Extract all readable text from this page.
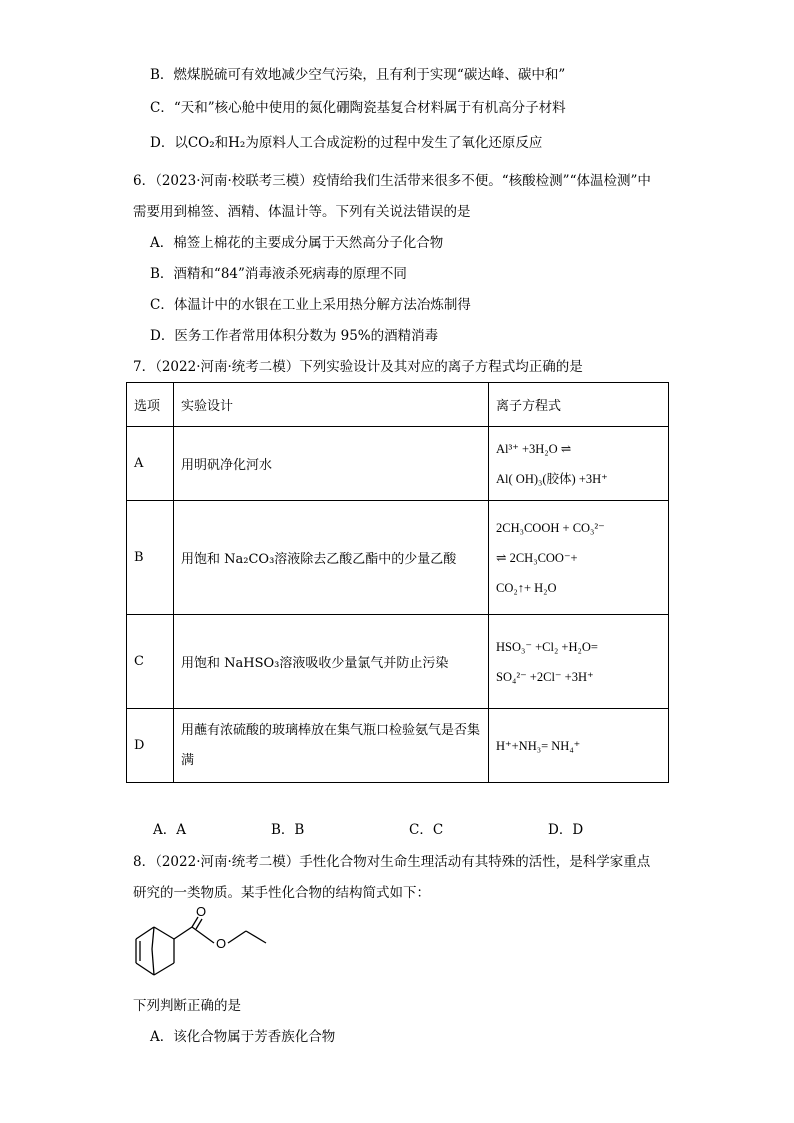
B．燃煤脱硫可有效地减少空气污染，且有利于实现“碳达峰、碳中和”
C．“天和”核心舱中使用的氮化硼陶瓷基复合材料属于有机高分子材料
D．以CO₂和H₂为原料人工合成淀粉的过程中发生了氧化还原反应
6．（2023·河南·校联考三模）疫情给我们生活带来很多不便。“核酸检测”“体温检测”中
需要用到棉签、酒精、体温计等。下列有关说法错误的是
A．棉签上棉花的主要成分属于天然高分子化合物
B．酒精和“84”消毒液杀死病毒的原理不同
C．体温计中的水银在工业上采用热分解方法冶炼制得
D．医务工作者常用体积分数为 95%的酒精消毒
7．（2022·河南·统考二模）下列实验设计及其对应的离子方程式均正确的是
选项	实验设计	离子方程式
A	用明矾净化河水	Al³⁺ +3H₂O ⇌
Al( OH)₃(胶体) +3H⁺

B	用饱和 Na₂CO₃溶液除去乙酸乙酯中的少量乙酸	2CH₃COOH + CO₃²⁻
⇌ 2CH₃COO⁻+
CO₂↑+ H₂O

C	用饱和 NaHSO₃溶液吸收少量氯气并防止污染	HSO₃⁻ +Cl₂ +H₂O=
SO₄²⁻ +2Cl⁻ +3H⁺

D	用蘸有浓硫酸的玻璃棒放在集气瓶口检验氨气是否集
满	H⁺+NH₃= NH₄⁺
A．A	B．B	C．C	D．D
8．（2022·河南·统考二模）手性化合物对生命生理活动有其特殊的活性，是科学家重点
研究的一类物质。某手性化合物的结构简式如下：
O
O
下列判断正确的是
A．该化合物属于芳香族化合物
